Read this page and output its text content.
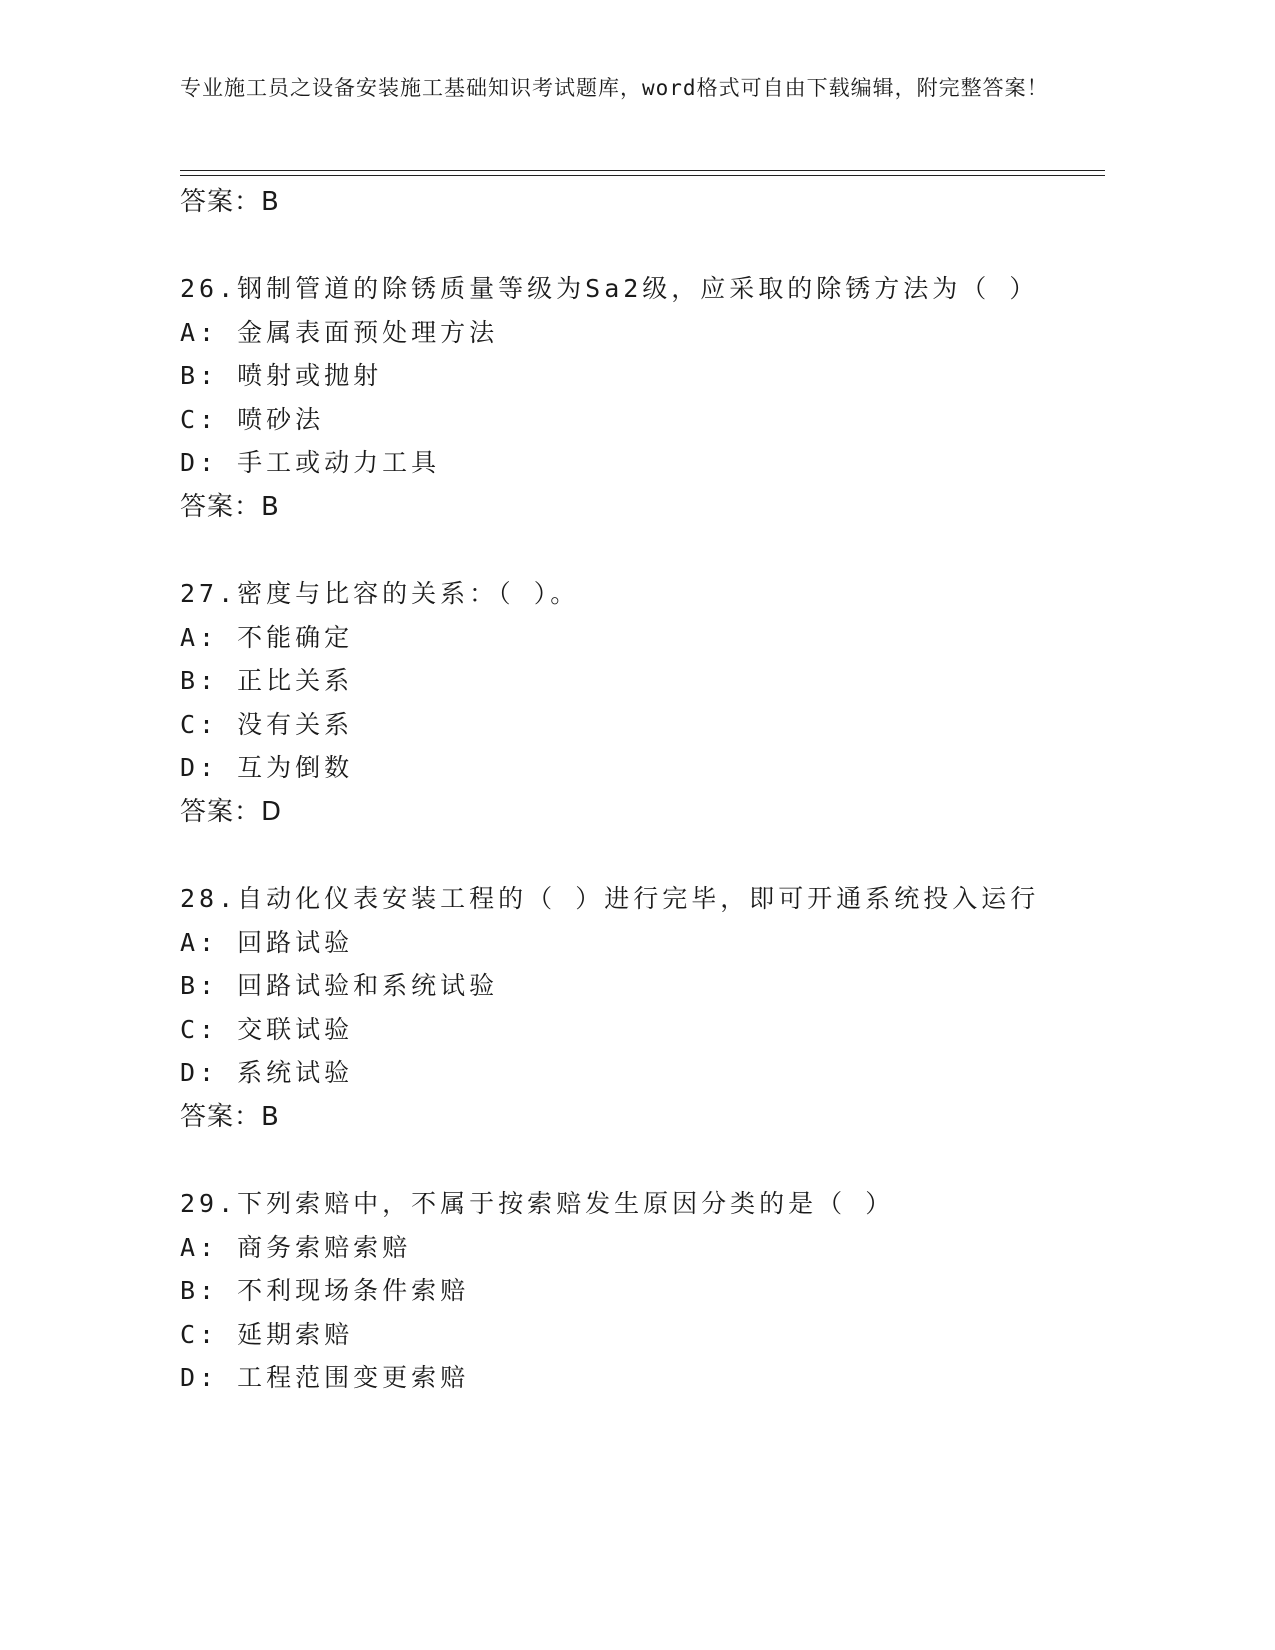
专业施工员之设备安装施工基础知识考试题库，word格式可自由下载编辑，附完整答案！
答案：B
26.钢制管道的除锈质量等级为Sa2级，应采取的除锈方法为（ ）
A: 金属表面预处理方法
B: 喷射或抛射
C: 喷砂法
D: 手工或动力工具
答案：B
27.密度与比容的关系：（ ）。
A: 不能确定
B: 正比关系
C: 没有关系
D: 互为倒数
答案：D
28.自动化仪表安装工程的（ ）进行完毕，即可开通系统投入运行
A: 回路试验
B: 回路试验和系统试验
C: 交联试验
D: 系统试验
答案：B
29.下列索赔中，不属于按索赔发生原因分类的是（ ）
A: 商务索赔索赔
B: 不利现场条件索赔
C: 延期索赔
D: 工程范围变更索赔
